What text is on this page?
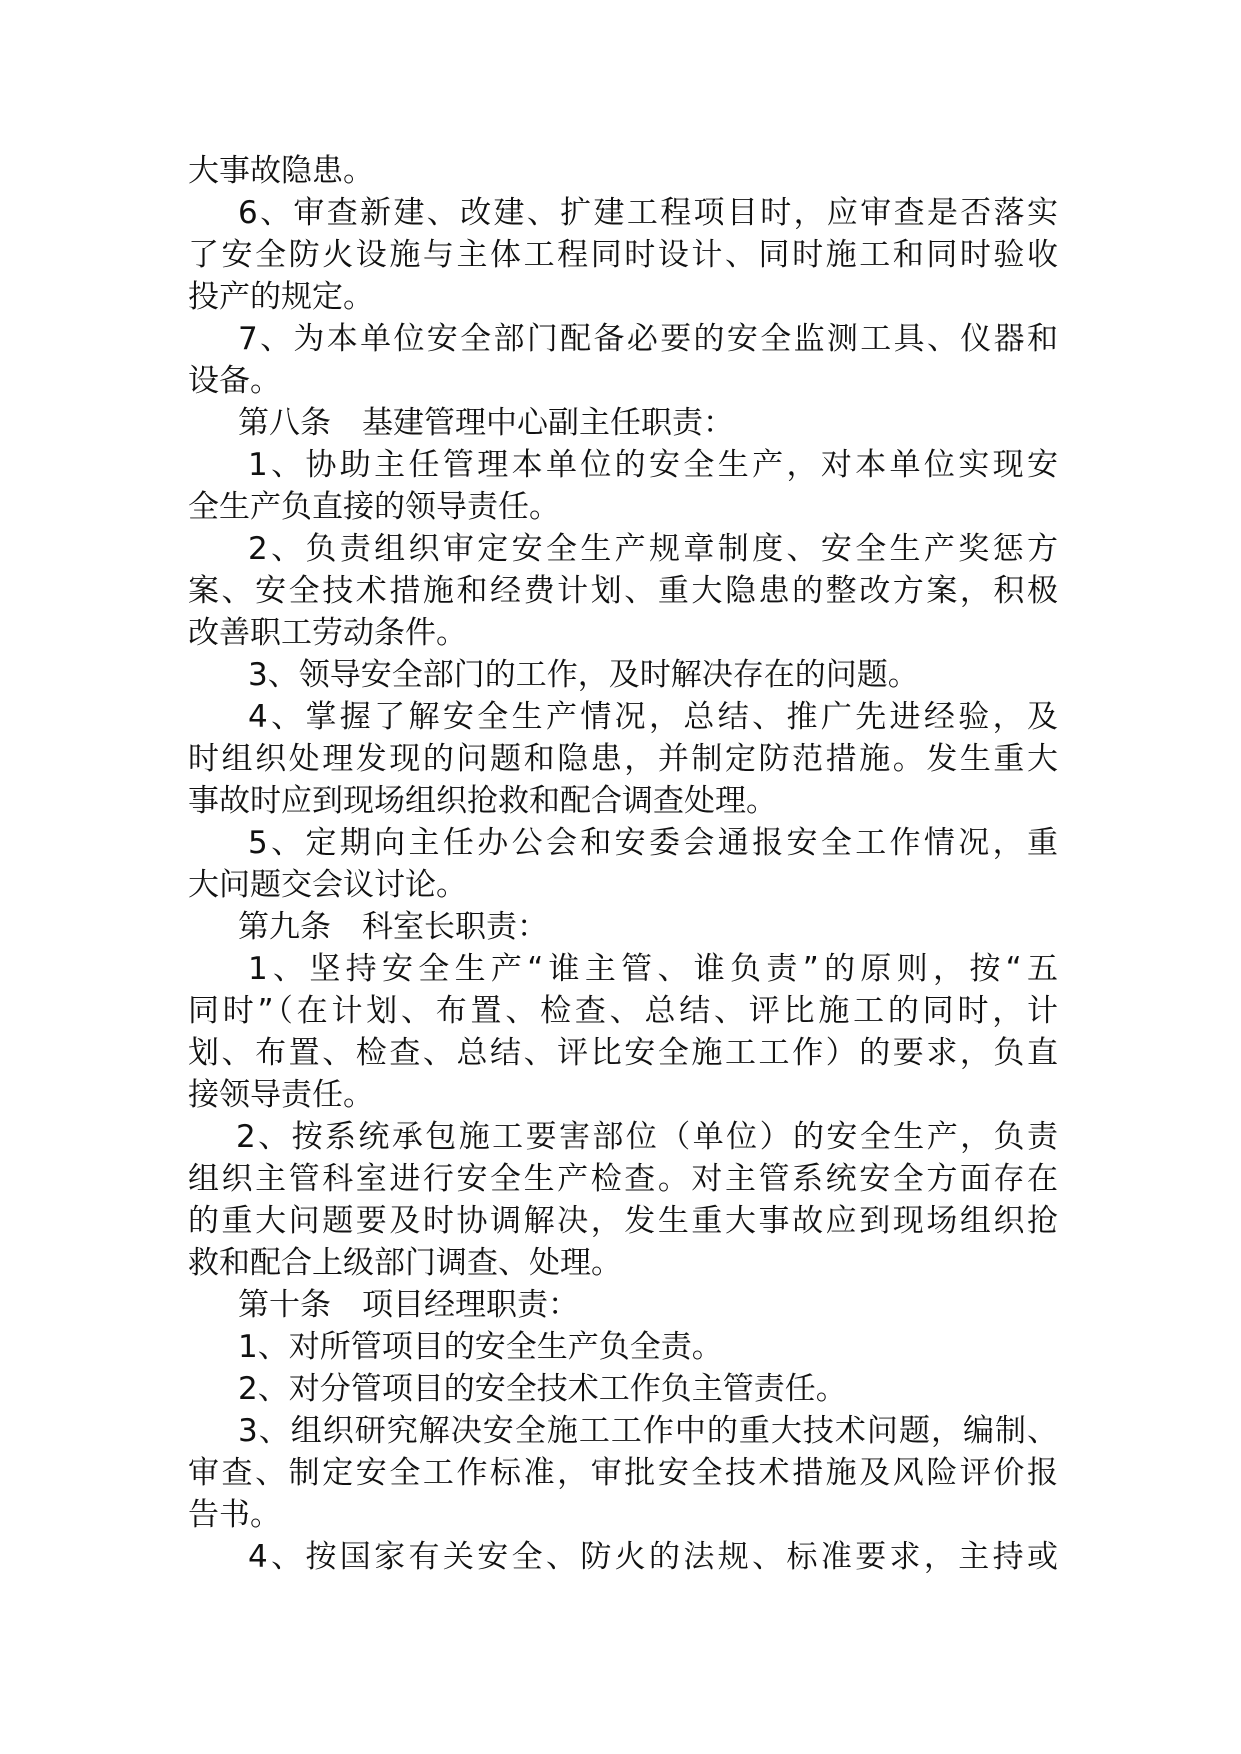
大事故隐患。
6、审查新建、改建、扩建工程项目时，应审查是否落实
了安全防火设施与主体工程同时设计、同时施工和同时验收
投产的规定。
7、为本单位安全部门配备必要的安全监测工具、仪器和
设备。
第八条　基建管理中心副主任职责：
1、协助主任管理本单位的安全生产，对本单位实现安
全生产负直接的领导责任。
2、负责组织审定安全生产规章制度、安全生产奖惩方
案、安全技术措施和经费计划、重大隐患的整改方案，积极
改善职工劳动条件。
3、领导安全部门的工作，及时解决存在的问题。
4、掌握了解安全生产情况，总结、推广先进经验，及
时组织处理发现的问题和隐患，并制定防范措施。发生重大
事故时应到现场组织抢救和配合调查处理。
5、定期向主任办公会和安委会通报安全工作情况，重
大问题交会议讨论。
第九条　科室长职责：
1、坚持安全生产“谁主管、谁负责”的原则，按“五
同时”（在计划、布置、检查、总结、评比施工的同时，计
划、布置、检查、总结、评比安全施工工作）的要求，负直
接领导责任。
2、按系统承包施工要害部位（单位）的安全生产，负责
组织主管科室进行安全生产检查。对主管系统安全方面存在
的重大问题要及时协调解决，发生重大事故应到现场组织抢
救和配合上级部门调查、处理。
第十条　项目经理职责：
1、对所管项目的安全生产负全责。
2、对分管项目的安全技术工作负主管责任。
3、组织研究解决安全施工工作中的重大技术问题，编制、
审查、制定安全工作标准，审批安全技术措施及风险评价报
告书。
4、按国家有关安全、防火的法规、标准要求，主持或
